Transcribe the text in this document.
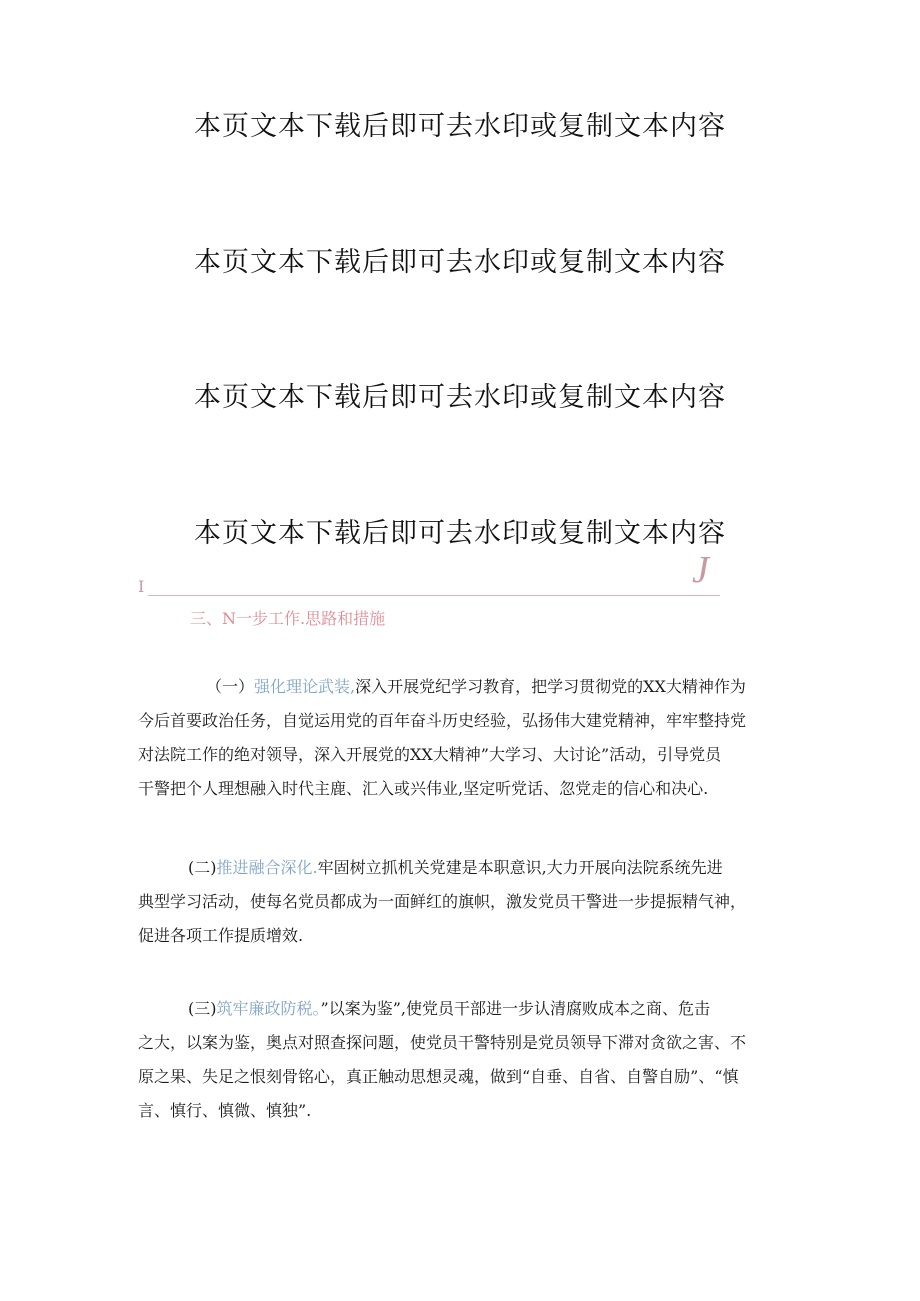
本页文本下载后即可去水印或复制文本内容
本页文本下载后即可去水印或复制文本内容
本页文本下载后即可去水印或复制文本内容
本页文本下载后即可去水印或复制文本内容
I	J
三、N一步工作.思路和措施
（一）强化理论武装,深入开展党纪学习教育，把学习贯彻党的XX大精神作为
今后首要政治任务，自觉运用党的百年奋斗历史经验，弘扬伟大建党精神，牢牢整持党
对法院工作的绝对领导，深入开展党的XX大精神”大学习、大讨论”活动，引导党员
干警把个人理想融入时代主鹿、汇入或兴伟业,坚定听党话、忽党走的信心和决心.
(二)推进融合深化.牢固树立抓机关党建是本职意识,大力开展向法院系统先进
典型学习活动，使每名党员都成为一面鲜红的旗帜，激发党员干警进一步提振精气神，
促进各项工作提质增效.
(三)筑牢廉政防税。”以案为鉴”,使党员干部进一步认清腐败成本之商、危击
之大，以案为鉴，奥点对照查探问题，使党员干警特别是党员领导下滞对贪欲之害、不
原之果、失足之恨刻骨铭心，真正触动思想灵魂，做到“自垂、自省、自警自励”、“慎
言、慎行、慎微、慎独”.
